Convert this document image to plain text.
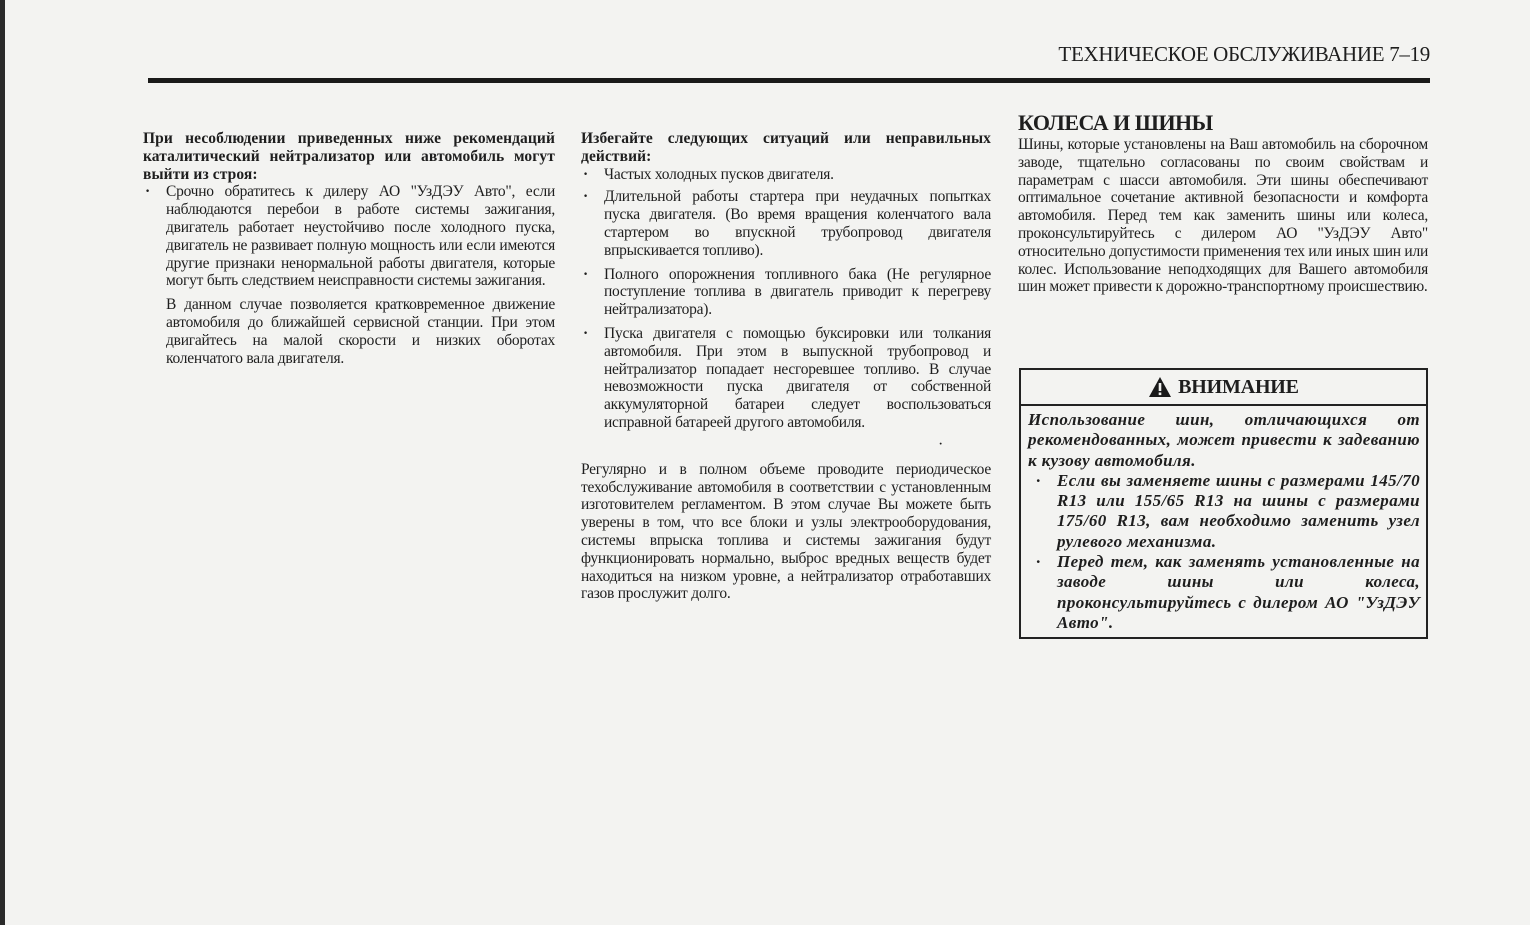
ТЕХНИЧЕСКОЕ ОБСЛУЖИВАНИЕ 7–19
При несоблюдении приведенных ниже рекомендаций каталитический нейтрализатор или автомобиль могут выйти из строя:
· Срочно обратитесь к дилеру АО "УзДЭУ Авто", если наблюдаются перебои в работе системы зажигания, двигатель работает неустойчиво после холодного пуска, двигатель не развивает полную мощность или если имеются другие признаки ненормальной работы двигателя, которые могут быть следствием неисправности системы зажигания.
В данном случае позволяется кратковременное движение автомобиля до ближайшей сервисной станции. При этом двигайтесь на малой скорости и низких оборотах коленчатого вала двигателя.
Избегайте следующих ситуаций или неправильных действий:
· Частых холодных пусков двигателя.
· Длительной работы стартера при неудачных попытках пуска двигателя. (Во время вращения коленчатого вала стартером во впускной трубопровод двигателя впрыскивается топливо).
· Полного опорожнения топливного бака (Не регулярное поступление топлива в двигатель приводит к перегреву нейтрализатора).
· Пуска двигателя с помощью буксировки или толкания автомобиля. При этом в выпускной трубопровод и нейтрализатор попадает несгоревшее топливо. В случае невозможности пуска двигателя от собственной аккумуляторной батареи следует воспользоваться исправной батареей другого автомобиля.
Регулярно и в полном объеме проводите периодическое техобслуживание автомобиля в соответствии с установленным изготовителем регламентом. В этом случае Вы можете быть уверены в том, что все блоки и узлы электрооборудования, системы впрыска топлива и системы зажигания будут функционировать нормально, выброс вредных веществ будет находиться на низком уровне, а нейтрализатор отработавших газов прослужит долго.
·
КОЛЕСА И ШИНЫ
Шины, которые установлены на Ваш автомобиль на сборочном заводе, тщательно согласованы по своим свойствам и параметрам с шасси автомобиля. Эти шины обеспечивают оптимальное сочетание активной безопасности и комфорта автомобиля. Перед тем как заменить шины или колеса, проконсультируйтесь с дилером АО "УзДЭУ Авто" относительно допустимости применения тех или иных шин или колес. Использование неподходящих для Вашего автомобиля шин может привести к дорожно-транспортному происшествию.
ВНИМАНИЕ
Использование шин, отличающихся от рекомендованных, может привести к задеванию к кузову автомобиля.
· Если вы заменяете шины с размерами 145/70 R13 или 155/65 R13 на шины с размерами 175/60 R13, вам необходимо заменить узел рулевого механизма.
· Перед тем, как заменять установленные на заводе шины или колеса, проконсультируйтесь с дилером АО "УзДЭУ Авто".
